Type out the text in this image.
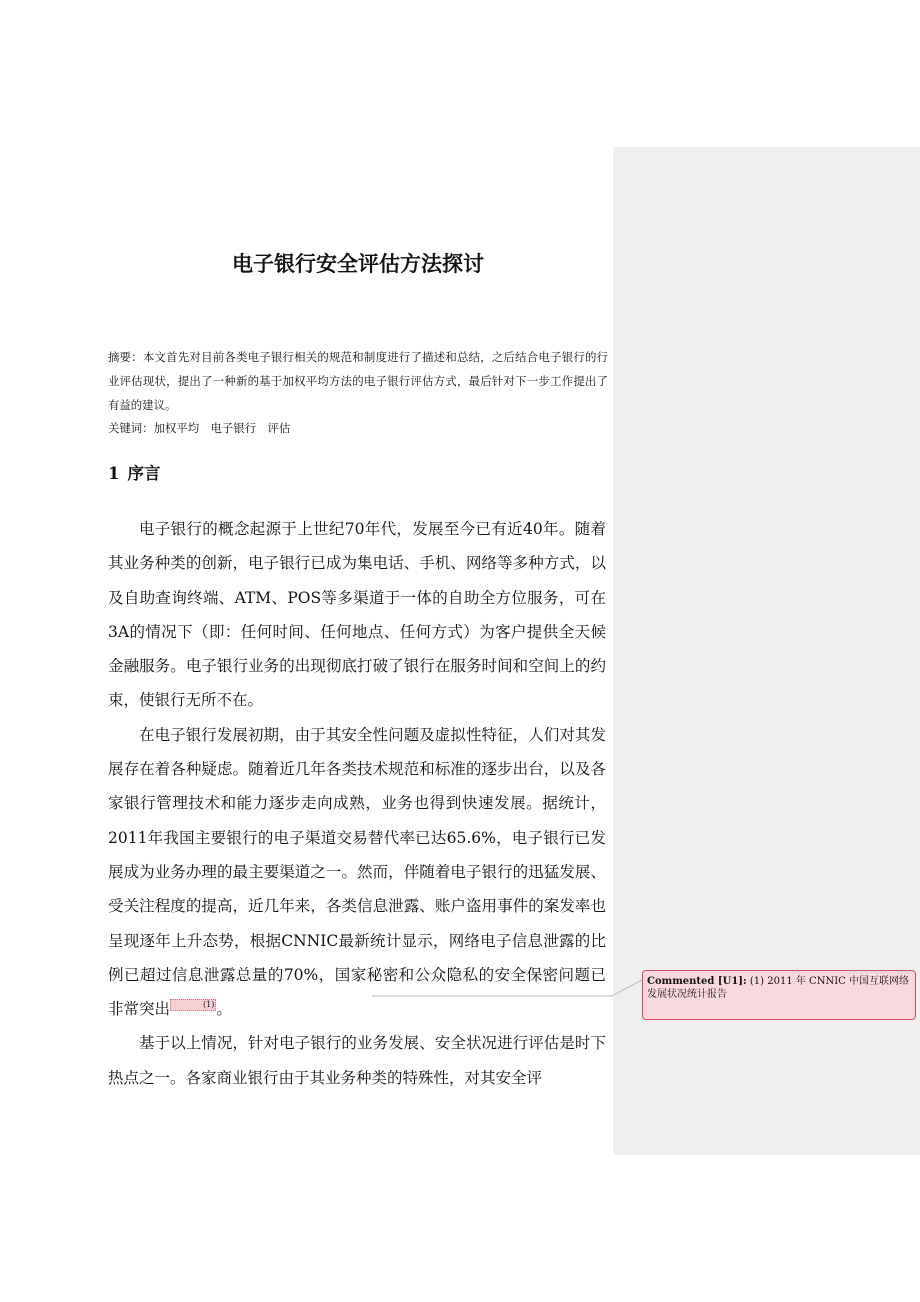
电子银行安全评估方法探讨

摘要：本文首先对目前各类电子银行相关的规范和制度进行了描述和总结，之后结合电子银行的行业评估现状，提出了一种新的基于加权平均方法的电子银行评估方式，最后针对下一步工作提出了有益的建议。

关键词：加权平均　电子银行　评估

1 序言

电子银行的概念起源于上世纪70年代，发展至今已有近40年。随着其业务种类的创新，电子银行已成为集电话、手机、网络等多种方式，以及自助查询终端、ATM、POS等多渠道于一体的自助全方位服务，可在3A的情况下（即：任何时间、任何地点、任何方式）为客户提供全天候金融服务。电子银行业务的出现彻底打破了银行在服务时间和空间上的约束，使银行无所不在。

在电子银行发展初期，由于其安全性问题及虚拟性特征，人们对其发展存在着各种疑虑。随着近几年各类技术规范和标准的逐步出台，以及各家银行管理技术和能力逐步走向成熟，业务也得到快速发展。据统计，2011年我国主要银行的电子渠道交易替代率已达65.6%，电子银行已发展成为业务办理的最主要渠道之一。然而，伴随着电子银行的迅猛发展、受关注程度的提高，近几年来，各类信息泄露、账户盗用事件的案发率也呈现逐年上升态势，根据CNNIC最新统计显示，网络电子信息泄露的比例已超过信息泄露总量的70%，国家秘密和公众隐私的安全保密问题已非常突出	(1) 。

基于以上情况，针对电子银行的业务发展、安全状况进行评估是时下热点之一。各家商业银行由于其业务种类的特殊性，对其安全评

Commented [U1]: (1) 2011 年 CNNIC 中国互联网络发展状况统计报告
